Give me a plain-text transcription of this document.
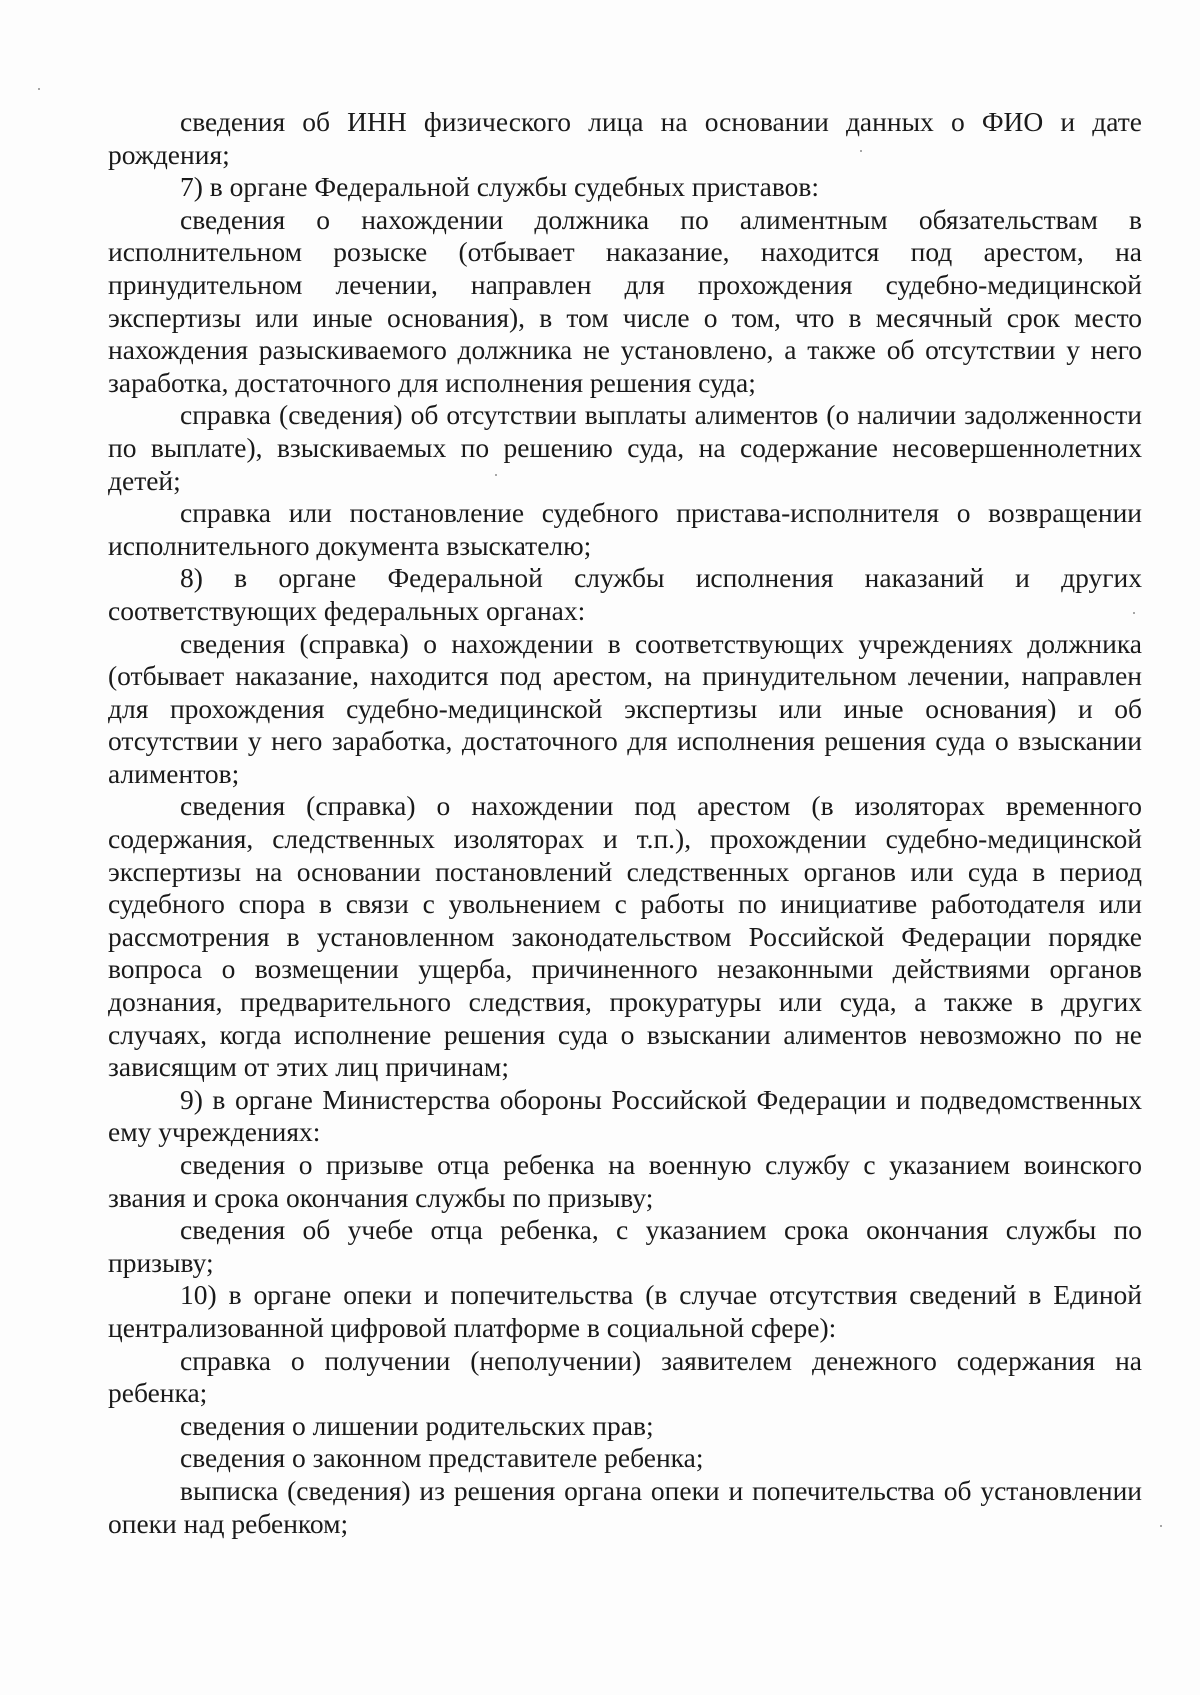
сведения об ИНН физического лица на основании данных о ФИО и дате рождения;

7) в органе Федеральной службы судебных приставов:

сведения о нахождении должника по алиментным обязательствам в исполнительном розыске (отбывает наказание, находится под арестом, на принудительном лечении, направлен для прохождения судебно-медицинской экспертизы или иные основания), в том числе о том, что в месячный срок место нахождения разыскиваемого должника не установлено, а также об отсутствии у него заработка, достаточного для исполнения решения суда;

справка (сведения) об отсутствии выплаты алиментов (о наличии задолженности по выплате), взыскиваемых по решению суда, на содержание несовершеннолетних детей;

справка или постановление судебного пристава-исполнителя о возвращении исполнительного документа взыскателю;

8) в органе Федеральной службы исполнения наказаний и других соответствующих федеральных органах:

сведения (справка) о нахождении в соответствующих учреждениях должника (отбывает наказание, находится под арестом, на принудительном лечении, направлен для прохождения судебно-медицинской экспертизы или иные основания) и об отсутствии у него заработка, достаточного для исполнения решения суда о взыскании алиментов;

сведения (справка) о нахождении под арестом (в изоляторах временного содержания, следственных изоляторах и т.п.), прохождении судебно-медицинской экспертизы на основании постановлений следственных органов или суда в период судебного спора в связи с увольнением с работы по инициативе работодателя или рассмотрения в установленном законодательством Российской Федерации порядке вопроса о возмещении ущерба, причиненного незаконными действиями органов дознания, предварительного следствия, прокуратуры или суда, а также в других случаях, когда исполнение решения суда о взыскании алиментов невозможно по не зависящим от этих лиц причинам;

9) в органе Министерства обороны Российской Федерации и подведомственных ему учреждениях:

сведения о призыве отца ребенка на военную службу с указанием воинского звания и срока окончания службы по призыву;

сведения об учебе отца ребенка, с указанием срока окончания службы по призыву;

10) в органе опеки и попечительства (в случае отсутствия сведений в Единой централизованной цифровой платформе в социальной сфере):

справка о получении (неполучении) заявителем денежного содержания на ребенка;

сведения о лишении родительских прав;

сведения о законном представителе ребенка;

выписка (сведения) из решения органа опеки и попечительства об установлении опеки над ребенком;
